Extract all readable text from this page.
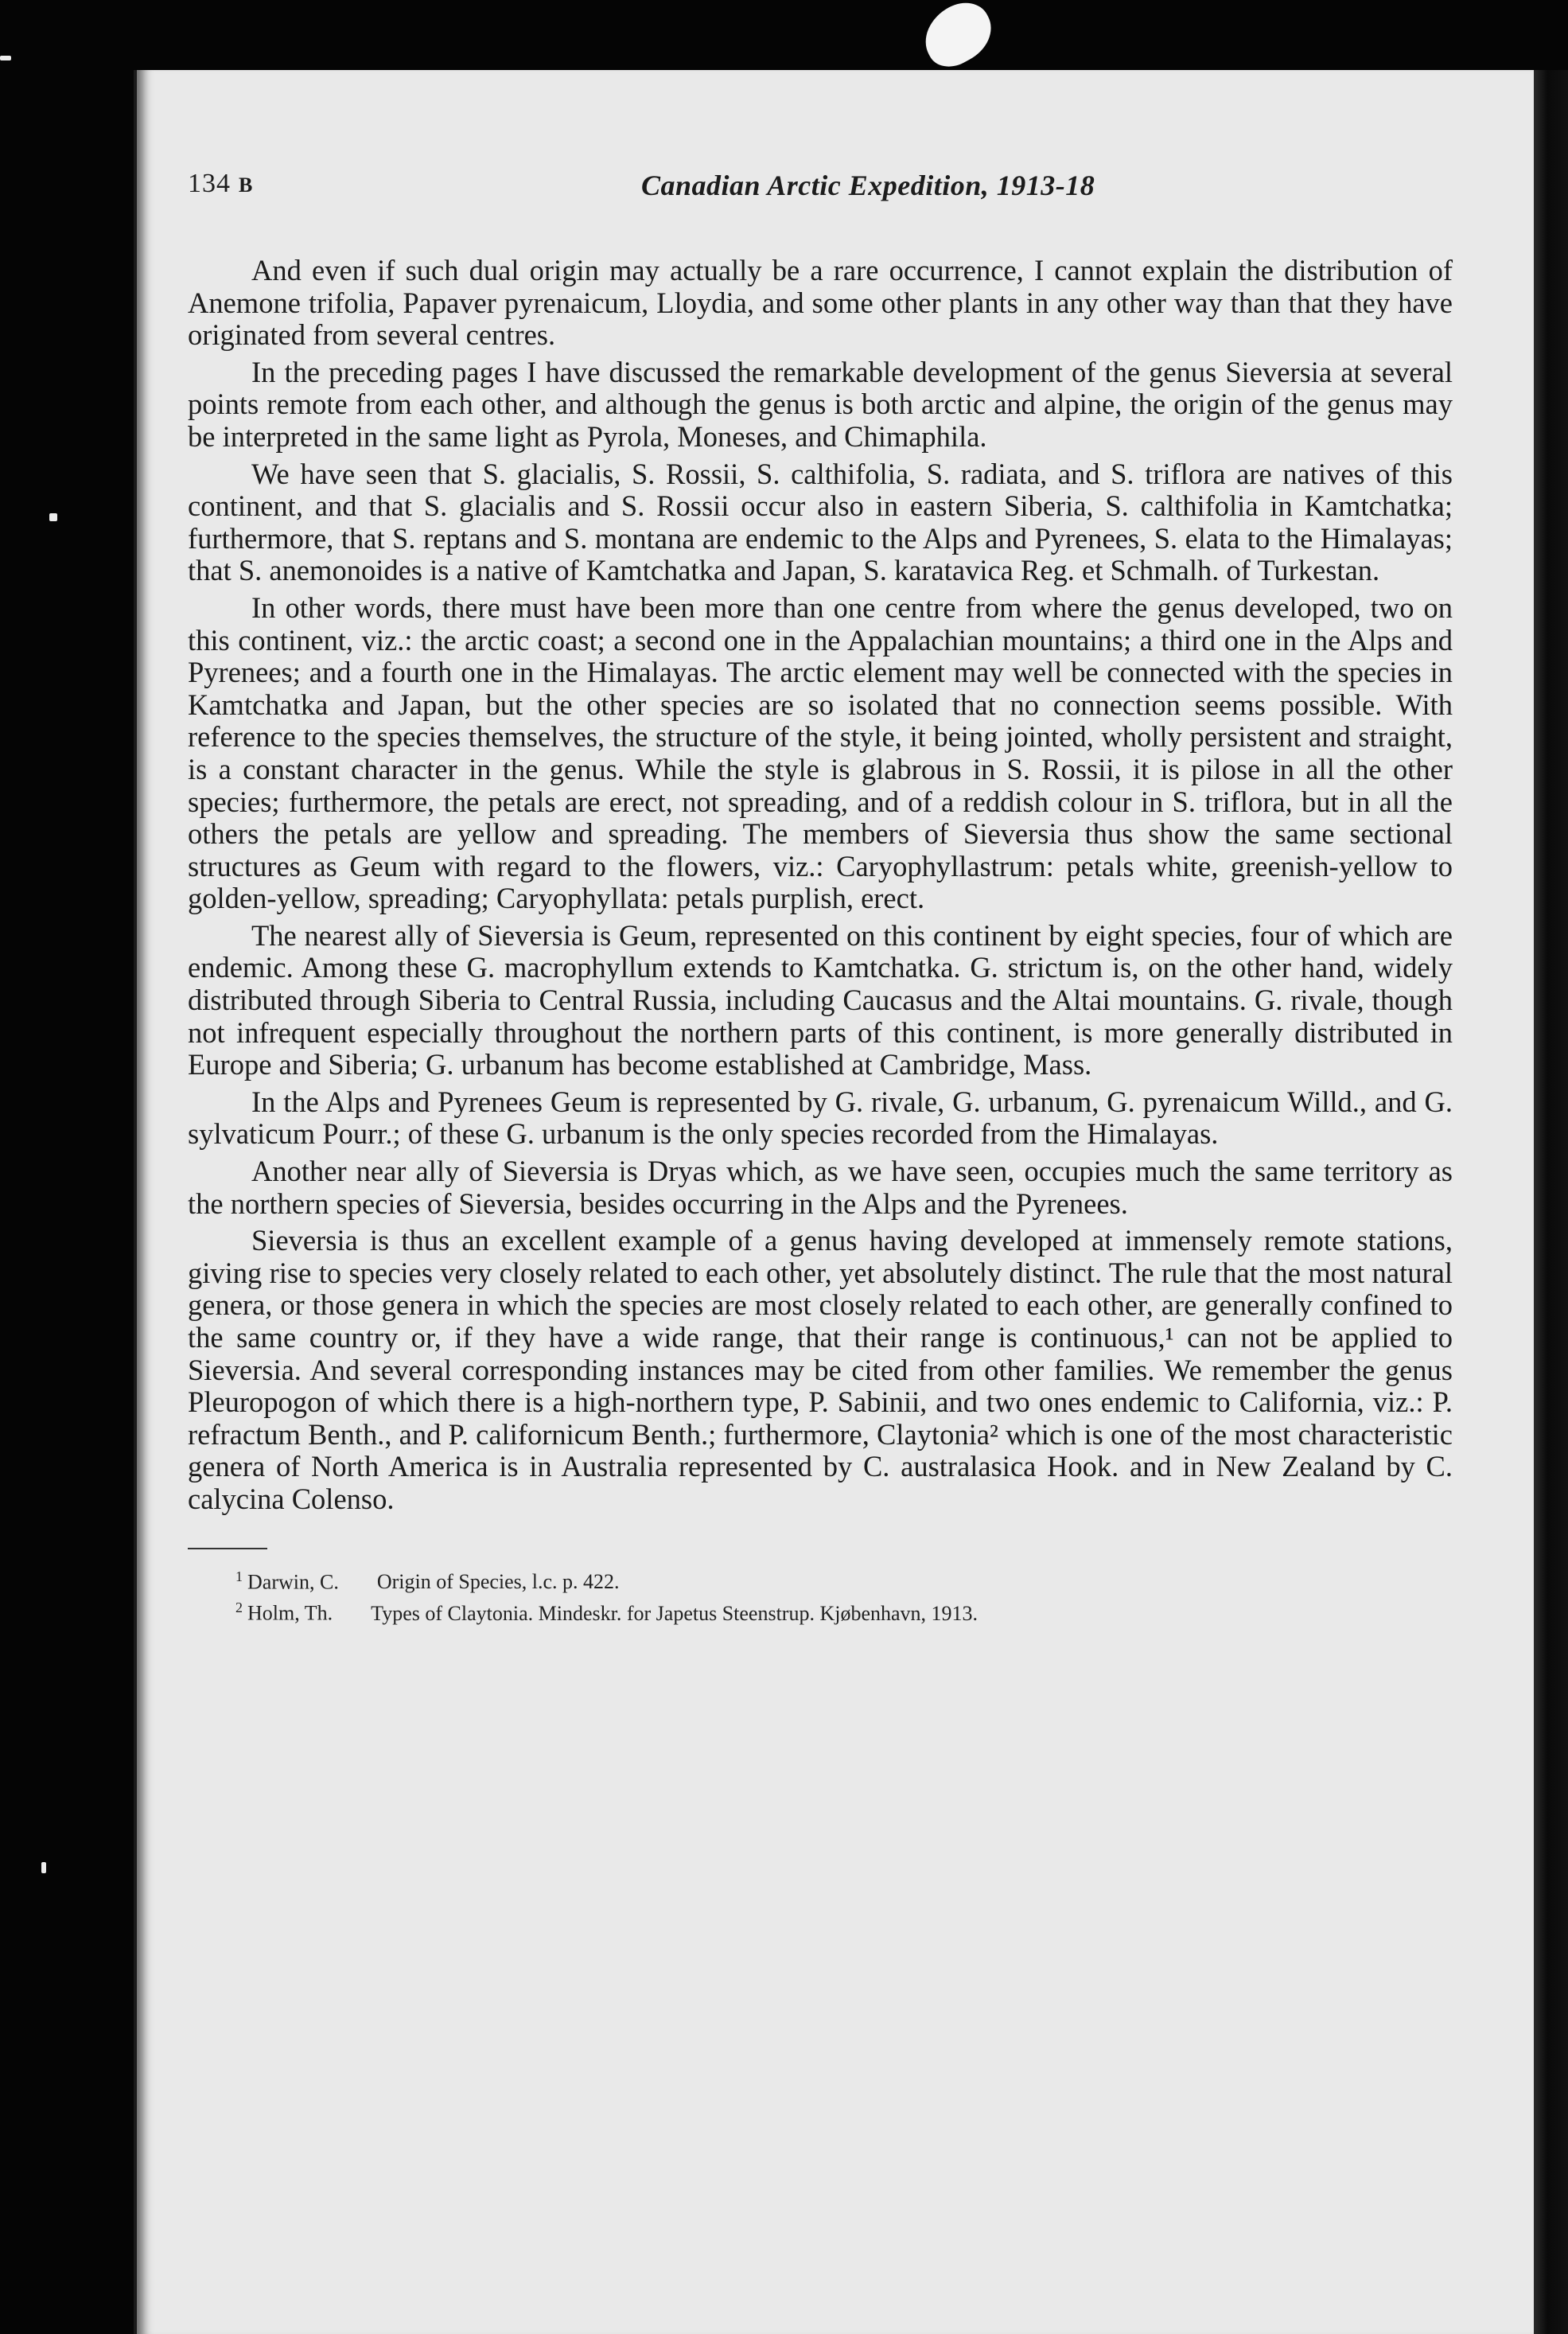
134 B	Canadian Arctic Expedition, 1913-18

And even if such dual origin may actually be a rare occurrence, I cannot explain the distribution of Anemone trifolia, Papaver pyrenaicum, Lloydia, and some other plants in any other way than that they have originated from several centres.

In the preceding pages I have discussed the remarkable development of the genus Sieversia at several points remote from each other, and although the genus is both arctic and alpine, the origin of the genus may be interpreted in the same light as Pyrola, Moneses, and Chimaphila.

We have seen that S. glacialis, S. Rossii, S. calthifolia, S. radiata, and S. triflora are natives of this continent, and that S. glacialis and S. Rossii occur also in eastern Siberia, S. calthifolia in Kamtchatka; furthermore, that S. reptans and S. montana are endemic to the Alps and Pyrenees, S. elata to the Himalayas; that S. anemonoides is a native of Kamtchatka and Japan, S. karatavica Reg. et Schmalh. of Turkestan.

In other words, there must have been more than one centre from where the genus developed, two on this continent, viz.: the arctic coast; a second one in the Appalachian mountains; a third one in the Alps and Pyrenees; and a fourth one in the Himalayas. The arctic element may well be connected with the species in Kamtchatka and Japan, but the other species are so isolated that no connection seems possible. With reference to the species themselves, the structure of the style, it being jointed, wholly persistent and straight, is a constant character in the genus. While the style is glabrous in S. Rossii, it is pilose in all the other species; furthermore, the petals are erect, not spreading, and of a reddish colour in S. triflora, but in all the others the petals are yellow and spreading. The members of Sieversia thus show the same sectional structures as Geum with regard to the flowers, viz.: Caryophyllastrum: petals white, greenish-yellow to golden-yellow, spreading; Caryophyllata: petals purplish, erect.

The nearest ally of Sieversia is Geum, represented on this continent by eight species, four of which are endemic. Among these G. macrophyllum extends to Kamtchatka. G. strictum is, on the other hand, widely distributed through Siberia to Central Russia, including Caucasus and the Altai mountains. G. rivale, though not infrequent especially throughout the northern parts of this continent, is more generally distributed in Europe and Siberia; G. urbanum has become established at Cambridge, Mass.

In the Alps and Pyrenees Geum is represented by G. rivale, G. urbanum, G. pyrenaicum Willd., and G. sylvaticum Pourr.; of these G. urbanum is the only species recorded from the Himalayas.

Another near ally of Sieversia is Dryas which, as we have seen, occupies much the same territory as the northern species of Sieversia, besides occurring in the Alps and the Pyrenees.

Sieversia is thus an excellent example of a genus having developed at immensely remote stations, giving rise to species very closely related to each other, yet absolutely distinct. The rule that the most natural genera, or those genera in which the species are most closely related to each other, are generally confined to the same country or, if they have a wide range, that their range is continuous,¹ can not be applied to Sieversia. And several corresponding instances may be cited from other families. We remember the genus Pleuropogon of which there is a high-northern type, P. Sabinii, and two ones endemic to California, viz.: P. refractum Benth., and P. californicum Benth.; furthermore, Claytonia² which is one of the most characteristic genera of North America is in Australia represented by C. australasica Hook. and in New Zealand by C. calycina Colenso.

$^1$ Darwin, C. Origin of Species, l.c. p. 422.
$^2$ Holm, Th. Types of Claytonia. Mindeskr. for Japetus Steenstrup. Kjøbenhavn, 1913.
